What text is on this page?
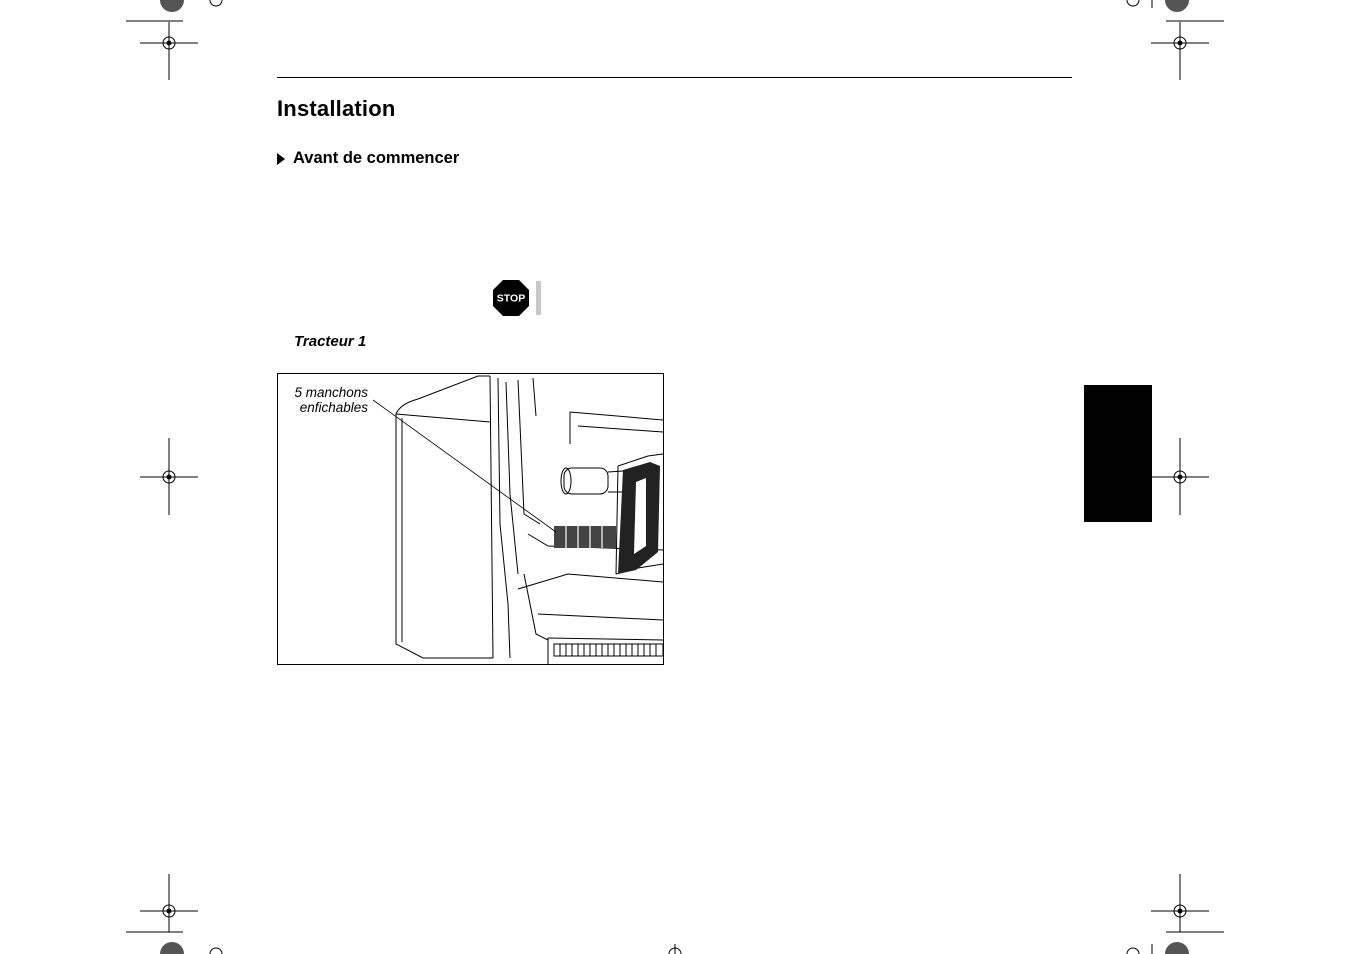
Installation
Avant de commencer
STOP
Tracteur 1
5 manchons
enfichables
